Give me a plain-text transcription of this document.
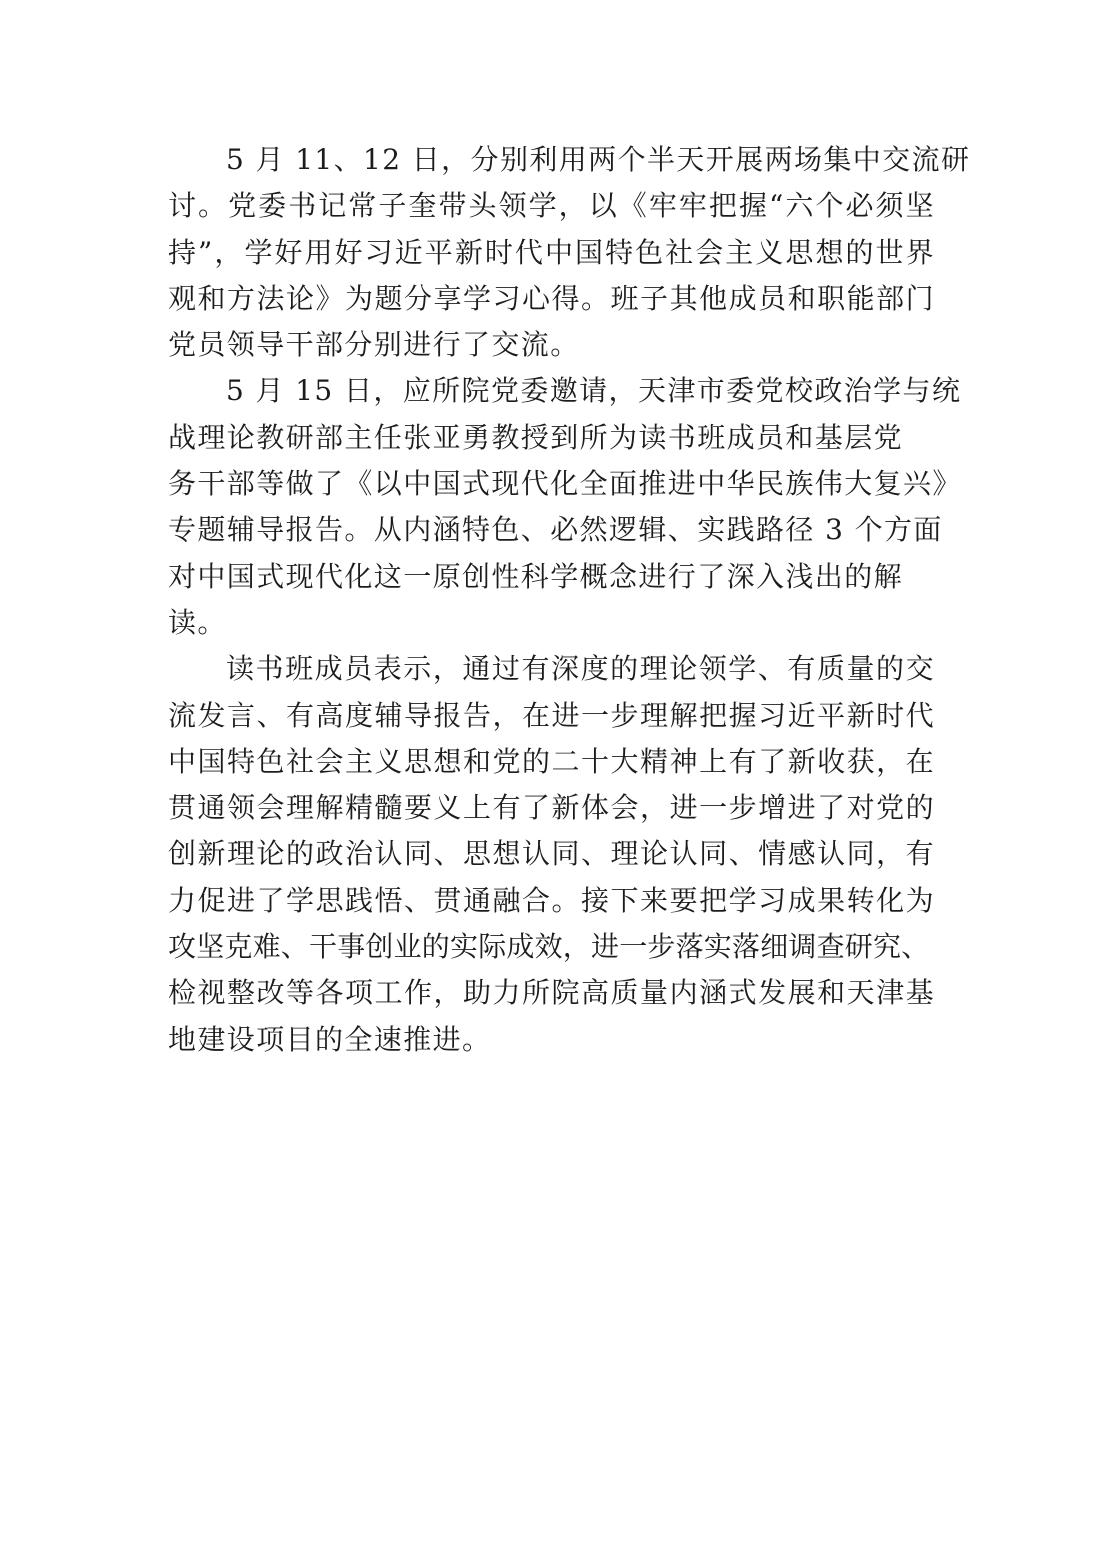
5 月 11、12 日，分别利用两个半天开展两场集中交流研
讨。党委书记常子奎带头领学，以《牢牢把握“六个必须坚
持”，学好用好习近平新时代中国特色社会主义思想的世界
观和方法论》为题分享学习心得。班子其他成员和职能部门
党员领导干部分别进行了交流。
5 月 15 日，应所院党委邀请，天津市委党校政治学与统
战理论教研部主任张亚勇教授到所为读书班成员和基层党
务干部等做了《以中国式现代化全面推进中华民族伟大复兴》
专题辅导报告。从内涵特色、必然逻辑、实践路径 3 个方面
对中国式现代化这一原创性科学概念进行了深入浅出的解
读。
读书班成员表示，通过有深度的理论领学、有质量的交
流发言、有高度辅导报告，在进一步理解把握习近平新时代
中国特色社会主义思想和党的二十大精神上有了新收获，在
贯通领会理解精髓要义上有了新体会，进一步增进了对党的
创新理论的政治认同、思想认同、理论认同、情感认同，有
力促进了学思践悟、贯通融合。接下来要把学习成果转化为
攻坚克难、干事创业的实际成效，进一步落实落细调查研究、
检视整改等各项工作，助力所院高质量内涵式发展和天津基
地建设项目的全速推进。
